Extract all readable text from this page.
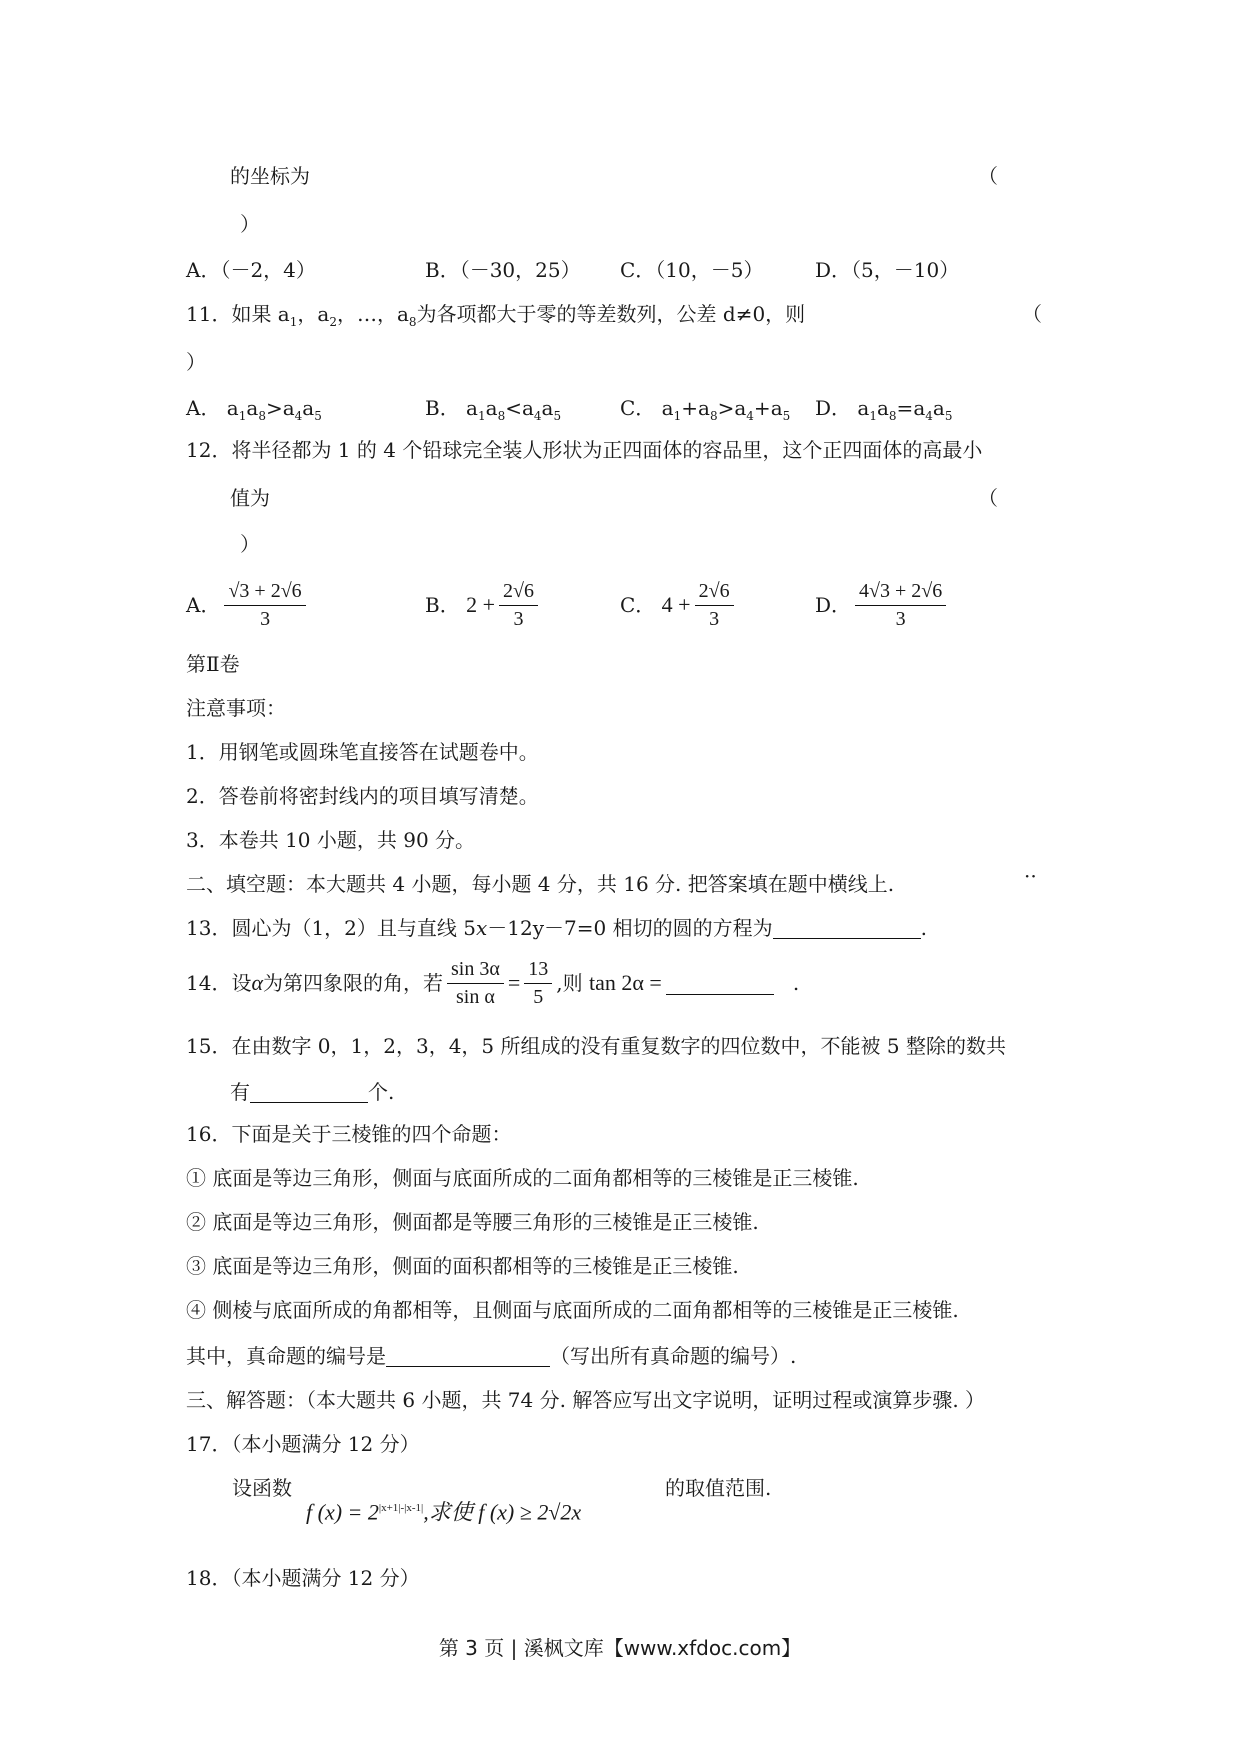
的坐标为	（
）
A．（－2，4）	B．（－30，25） C．（10，－5）	D．（5，－10）
11．如果 $a_1$，$a_2$，…，$a_8$为各项都大于零的等差数列，公差 d≠0，则	（
）
A． $a_1a_8>a_4a_5$	B． $a_1a_8<a_4a_5$	C． $a_1+a_8>a_4+a_5$ D． $a_1a_8=a_4a_5$
12．将半径都为 1 的 4 个铅球完全装人形状为正四面体的容品里，这个正四面体的高最小
值为	（
）
A． $\frac{√3 + 2√6}{3}$	B．
$2 + \frac{2√6}{3}$	C．
$4 + \frac{2√6}{3}$	D． $\frac{4√3 + 2√6}{3}$
第Ⅱ卷
注意事项：
1．用钢笔或圆珠笔直接答在试题卷中。
2．答卷前将密封线内的项目填写清楚。
3．本卷共 10 小题，共 90 分。
二、填空题：本大题共 4 小题，每小题 4 分，共 16 分. 把答案填在题中横线上.	··
13．圆心为（1，2）且与直线 5x－12y－7=0 相切的圆的方程为	.
14．设 α 为第四象限的角，若 $\frac{\sin 3\alpha}{\text{sin α}} = \frac{13}{5}$ ,则
tan 2α =
	.
15．在由数字 0，1，2，3，4，5 所组成的没有重复数字的四位数中，不能被 5 整除的数共
有	个.
16．下面是关于三棱锥的四个命题：
① 底面是等边三角形，侧面与底面所成的二面角都相等的三棱锥是正三棱锥.
② 底面是等边三角形，侧面都是等腰三角形的三棱锥是正三棱锥.
③ 底面是等边三角形，侧面的面积都相等的三棱锥是正三棱锥.
④ 侧棱与底面所成的角都相等，且侧面与底面所成的二面角都相等的三棱锥是正三棱锥.
其中，真命题的编号是	（写出所有真命题的编号）.
三、解答题：（本大题共 6 小题，共 74 分. 解答应写出文字说明，证明过程或演算步骤. ）
17．（本小题满分 12 分）
设函数
f $(x) = 2^{|x+1|-|x-1|}$,求使 f (x) ≥ 2√2x
的取值范围.
18．（本小题满分 12 分）
第 3 页 | 溪枫文库【www.xfdoc.com】
